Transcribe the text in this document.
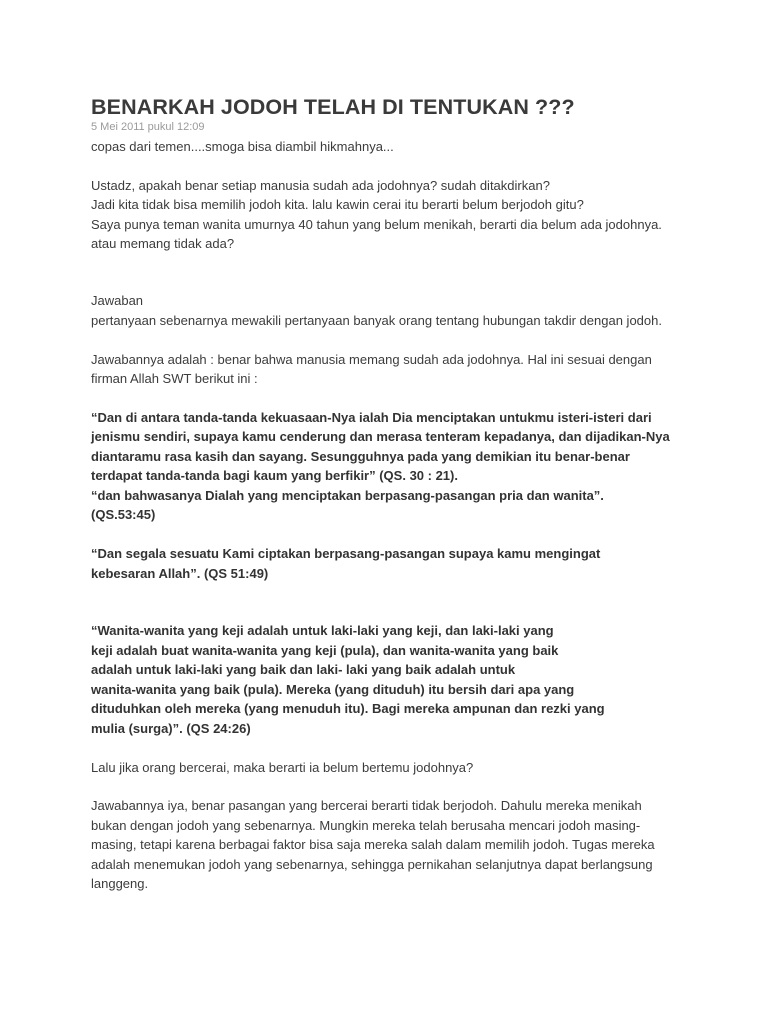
BENARKAH JODOH TELAH DI TENTUKAN ???
5 Mei 2011 pukul 12:09
copas dari temen....smoga bisa diambil hikmahnya...
Ustadz, apakah benar setiap manusia sudah ada jodohnya? sudah ditakdirkan?
Jadi kita tidak bisa memilih jodoh kita. lalu kawin cerai itu berarti belum berjodoh gitu?
Saya punya teman wanita umurnya 40 tahun yang belum menikah, berarti dia belum ada jodohnya.
atau memang tidak ada?
Jawaban
pertanyaan sebenarnya mewakili pertanyaan banyak orang tentang hubungan takdir dengan jodoh.
Jawabannya adalah : benar bahwa manusia memang sudah ada jodohnya. Hal ini sesuai dengan
firman Allah SWT berikut ini :
“Dan di antara tanda-tanda kekuasaan-Nya ialah Dia menciptakan untukmu isteri-isteri dari
jenismu sendiri, supaya kamu cenderung dan merasa tenteram kepadanya, dan dijadikan-Nya
diantaramu rasa kasih dan sayang. Sesungguhnya pada yang demikian itu benar-benar
terdapat tanda-tanda bagi kaum yang berfikir” (QS. 30 : 21).
“dan bahwasanya Dialah yang menciptakan berpasang-pasangan pria dan wanita”.
(QS.53:45)
“Dan segala sesuatu Kami ciptakan berpasang-pasangan supaya kamu mengingat
kebesaran Allah”. (QS 51:49)
“Wanita-wanita yang keji adalah untuk laki-laki yang keji, dan laki-laki yang
keji adalah buat wanita-wanita yang keji (pula), dan wanita-wanita yang baik
adalah untuk laki-laki yang baik dan laki- laki yang baik adalah untuk
wanita-wanita yang baik (pula). Mereka (yang dituduh) itu bersih dari apa yang
dituduhkan oleh mereka (yang menuduh itu). Bagi mereka ampunan dan rezki yang
mulia (surga)”. (QS 24:26)
Lalu jika orang bercerai, maka berarti ia belum bertemu jodohnya?
Jawabannya iya, benar pasangan yang bercerai berarti tidak berjodoh. Dahulu mereka menikah
bukan dengan jodoh yang sebenarnya. Mungkin mereka telah berusaha mencari jodoh masing-
masing, tetapi karena berbagai faktor bisa saja mereka salah dalam memilih jodoh. Tugas mereka
adalah menemukan jodoh yang sebenarnya, sehingga pernikahan selanjutnya dapat berlangsung
langgeng.
